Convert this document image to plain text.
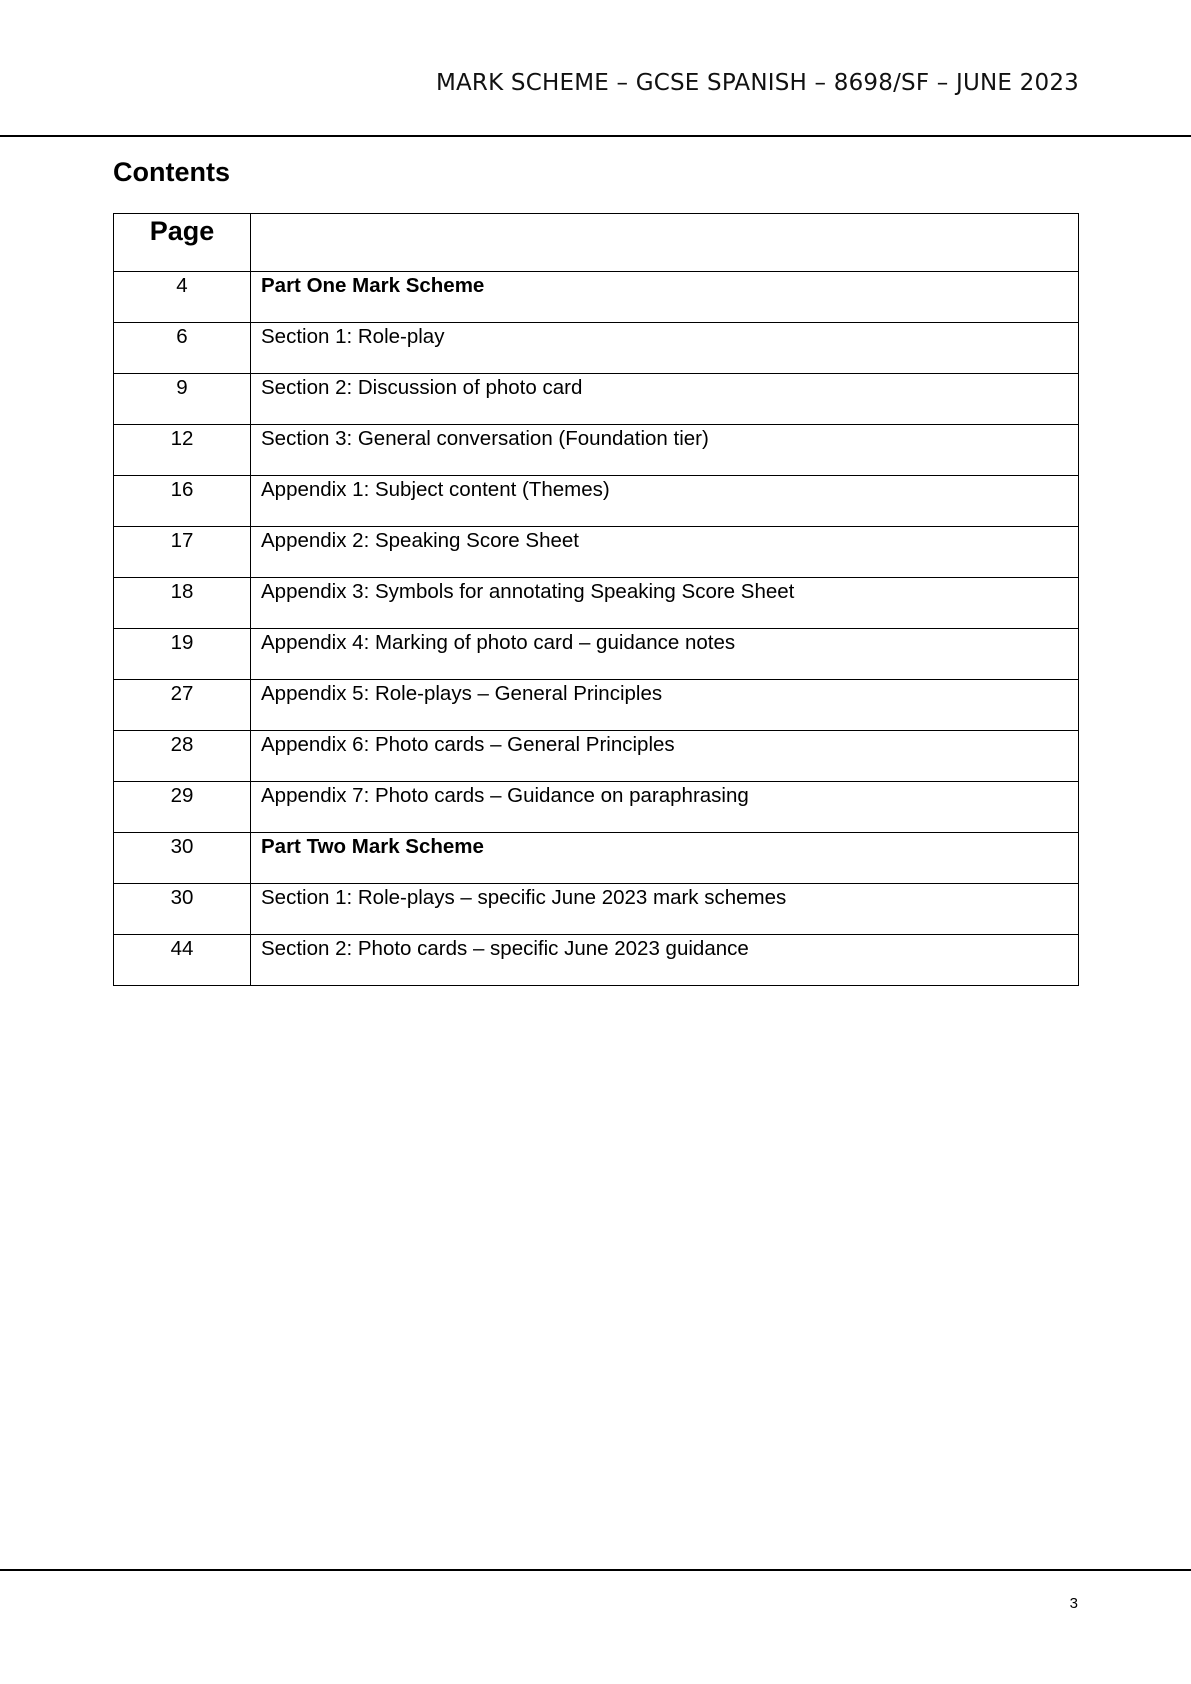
MARK SCHEME – GCSE SPANISH – 8698/SF – JUNE 2023
Contents
Page	
4	Part One Mark Scheme
6	Section 1: Role-play
9	Section 2: Discussion of photo card
12	Section 3: General conversation (Foundation tier)
16	Appendix 1: Subject content (Themes)
17	Appendix 2: Speaking Score Sheet
18	Appendix 3: Symbols for annotating Speaking Score Sheet
19	Appendix 4: Marking of photo card – guidance notes
27	Appendix 5: Role-plays – General Principles
28	Appendix 6: Photo cards – General Principles
29	Appendix 7: Photo cards – Guidance on paraphrasing
30	Part Two Mark Scheme
30	Section 1: Role-plays – specific June 2023 mark schemes
44	Section 2: Photo cards – specific June 2023 guidance
3
